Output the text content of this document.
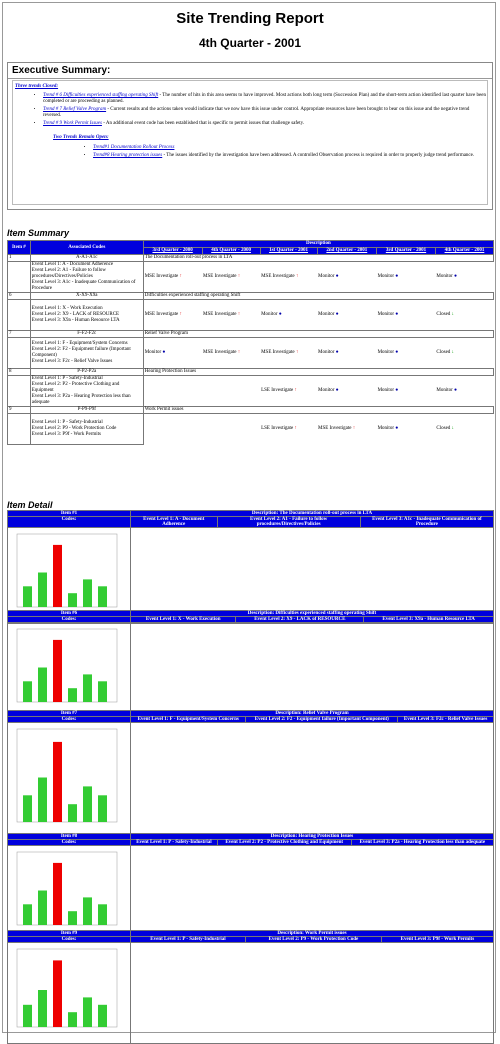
Site Trending Report
4th Quarter - 2001
Executive Summary:
Three trends Closed:
• Trend # 6 Difficulties experienced staffing operating Shift - The number of hits in this area seems to have improved. Most actions both long term (Succession Plan) and the short-term action identified last quarter have been completed or are proceeding as planned.
• Trend # 7 Relief Valve Program - Current results and the actions taken would indicate that we now have this issue under control. Appropriate resources have been brought to bear on this issue and the negative trend reversed.
• Trend # 9 Work Permit Issues - An additional event code has been established that is specific to permit issues that challenge safety.
Two Trends Remain Open:
• Trend#1 Documentation Rollout Process
• Trend#8 Hearing protection issues - The issues identified by the investigation have been addressed. A controlled Observation process is required in order to properly judge trend performance.
Item Summary
Item #	Associated Codes	Description					
		3rd Quarter - 2000	4th Quarter - 2000	1st Quarter - 2001	2nd Quarter - 2001	3rd Quarter - 2001	4th Quarter - 2001
1	A-A1-A1c	The Documentation roll-out process in LTA					
	Event Level 1: A - Document Adherence
Event Level 2: A1 - Failure to follow procedures/Directives/Policies
Event Level 3: A1c - Inadequate Communication of Procedure	MSE Investigate ↑	MSE Investigate ↑	MSE Investigate ↑	Monitor ●	Monitor ●	Monitor ●
6	X-X9-X9a	Difficulties experienced staffing operating Shift					
	Event Level 1: X - Work Execution
Event Level 2: X9 - LACK of RESOURCE
Event Level 3: X9a - Human Resource LTA	MSE Investigate ↑	MSE Investigate ↑	Monitor ●	Monitor ●	Monitor ●	Closed ↓
7	F-F2-F2c	Relief Valve Program					
	Event Level 1: F - Equipment/System Concerns
Event Level 2: F2 - Equipment failure (Important Component)
Event Level 3: F2c - Relief Valve Issues	Monitor ●	MSE Investigate ↑	MSE Investigate ↑	Monitor ●	Monitor ●	Closed ↓
8	P-P2-P2a	Hearing Protection Issues					
	Event Level 1: P - Safety-Industrial
Event Level 2: P2 - Protective Clothing and Equipment
Event Level 3: P2a - Hearing Protection less than adequate			LSE Investigate ↑	Monitor ●	Monitor ●	Monitor ●
9	P-P9-P9f	Work Permit issues					
	Event Level 1: P - Safety-Industrial
Event Level 2: P9 - Work Protection Code
Event Level 3: P9f - Work Permits			LSE Investigate ↑	MSE Investigate ↑	Monitor ●	Closed ↓
Item Detail
Item #1	Description: The Documentation roll-out process in LTA		
Codes:	Event Level 1: A - Document Adherence	Event Level 2: A1 - Failure to follow procedures/Directives/Policies	Event Level 3: A1c - Inadequate Communication of Procedure

Item #6	Description: Difficulties experienced staffing operating Shift		
Codes:	Event Level 1: X - Work Execution	Event Level 2: X9 - LACK of RESOURCE	Event Level 3: X9a - Human Resource LTA

Item #7	Description: Relief Valve Program		
Codes:	Event Level 1: F - Equipment/System Concerns	Event Level 2: F2 - Equipment failure (Important Component)	Event Level 3: F2c - Relief Valve Issues

Item #8	Description: Hearing Protection Issues		
Codes:	Event Level 1: P - Safety-Industrial	Event Level 2: P2 - Protective Clothing and Equipment	Event Level 3: P2a - Hearing Protection less than adequate

Item #9	Description: Work Permit issues		
Codes:	Event Level 1: P - Safety-Industrial	Event Level 2: P9 - Work Protection Code	Event Level 3: P9f - Work Permits
